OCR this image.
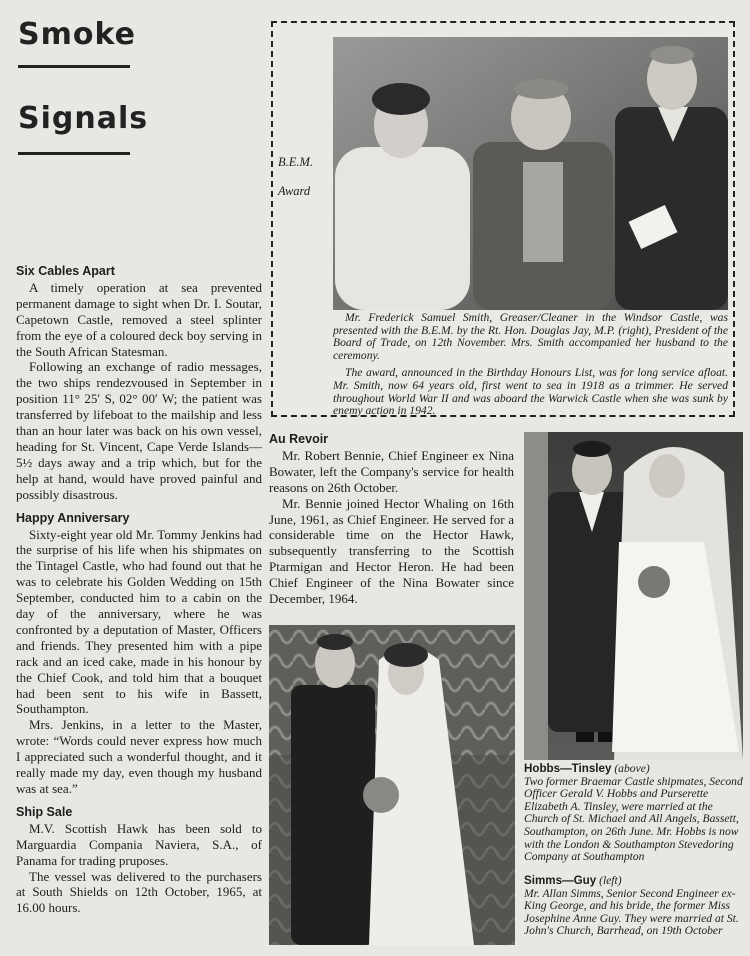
Smoke
Signals
Six Cables Apart

A timely operation at sea prevented permanent damage to sight when Dr. I. Soutar, Capetown Castle, removed a steel splinter from the eye of a coloured deck boy serving in the South African Statesman.

Following an exchange of radio messages, the two ships rendezvoused in September in position 11° 25′ S, 02° 00′ W; the patient was transferred by lifeboat to the mailship and less than an hour later was back on his own vessel, heading for St. Vincent, Cape Verde Islands—5½ days away and a trip which, but for the help at hand, would have proved painful and possibly disastrous.

Happy Anniversary

Sixty-eight year old Mr. Tommy Jenkins had the surprise of his life when his shipmates on the Tintagel Castle, who had found out that he was to celebrate his Golden Wedding on 15th September, conducted him to a cabin on the day of the anniversary, where he was confronted by a deputation of Master, Officers and friends. They presented him with a pipe rack and an iced cake, made in his honour by the Chief Cook, and told him that a bouquet had been sent to his wife in Bassett, Southampton.

Mrs. Jenkins, in a letter to the Master, wrote: “Words could never express how much I appreciated such a wonderful thought, and it really made my day, even though my husband was at sea.”

Ship Sale

M.V. Scottish Hawk has been sold to Marguardia Compania Naviera, S.A., of Panama for trading pruposes.

The vessel was delivered to the purchasers at South Shields on 12th October, 1965, at 16.00 hours.

B.E.M.
Award

Mr. Frederick Samuel Smith, Greaser/Cleaner in the Windsor Castle, was presented with the B.E.M. by the Rt. Hon. Douglas Jay, M.P. (right), President of the Board of Trade, on 12th November. Mrs. Smith accompanied her husband to the ceremony.

The award, announced in the Birthday Honours List, was for long service afloat. Mr. Smith, now 64 years old, first went to sea in 1918 as a trimmer. He served throughout World War II and was aboard the Warwick Castle when she was sunk by enemy action in 1942.

Au Revoir

Mr. Robert Bennie, Chief Engineer ex Nina Bowater, left the Company's service for health reasons on 26th October.

Mr. Bennie joined Hector Whaling on 16th June, 1961, as Chief Engineer. He served for a considerable time on the Hector Hawk, subsequently transferring to the Scottish Ptarmigan and Hector Heron. He had been Chief Engineer of the Nina Bowater since December, 1964.

Hobbs—Tinsley (above)
Two former Braemar Castle shipmates, Second Officer Gerald V. Hobbs and Purserette Elizabeth A. Tinsley, were married at the Church of St. Michael and All Angels, Bassett, Southampton, on 26th June. Mr. Hobbs is now with the London & Southampton Stevedoring Company at Southampton
Simms—Guy (left)
Mr. Allan Simms, Senior Second Engineer ex-King George, and his bride, the former Miss Josephine Anne Guy. They were married at St. John's Church, Barrhead, on 19th October
